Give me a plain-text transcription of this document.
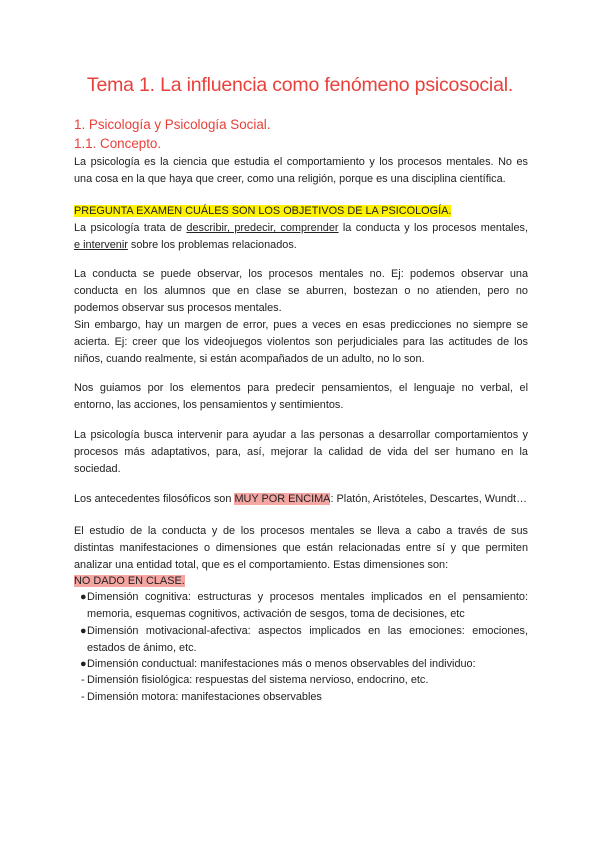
Tema 1. La influencia como fenómeno psicosocial.
1. Psicología y Psicología Social.
1.1. Concepto.
La psicología es la ciencia que estudia el comportamiento y los procesos mentales. No es
una cosa en la que haya que creer, como una religión, porque es una disciplina científica.
PREGUNTA EXAMEN CUÁLES SON LOS OBJETIVOS DE LA PSICOLOGÍA.
La psicología trata de describir, predecir, comprender la conducta y los procesos mentales,
e intervenir sobre los problemas relacionados.
La conducta se puede observar, los procesos mentales no. Ej: podemos observar una
conducta en los alumnos que en clase se aburren, bostezan o no atienden, pero no
podemos observar sus procesos mentales.
Sin embargo, hay un margen de error, pues a veces en esas predicciones no siempre se
acierta. Ej: creer que los videojuegos violentos son perjudiciales para las actitudes de los
niños, cuando realmente, si están acompañados de un adulto, no lo son.
Nos guiamos por los elementos para predecir pensamientos, el lenguaje no verbal, el
entorno, las acciones, los pensamientos y sentimientos.
La psicología busca intervenir para ayudar a las personas a desarrollar comportamientos y
procesos más adaptativos, para, así, mejorar la calidad de vida del ser humano en la
sociedad.
Los antecedentes filosóficos son MUY POR ENCIMA: Platón, Aristóteles, Descartes, Wundt…
El estudio de la conducta y de los procesos mentales se lleva a cabo a través de sus
distintas manifestaciones o dimensiones que están relacionadas entre sí y que permiten
analizar una entidad total, que es el comportamiento. Estas dimensiones son:
NO DADO EN CLASE.
● Dimensión cognitiva: estructuras y procesos mentales implicados en el pensamiento:
memoria, esquemas cognitivos, activación de sesgos, toma de decisiones, etc
● Dimensión motivacional-afectiva: aspectos implicados en las emociones: emociones,
estados de ánimo, etc.
● Dimensión conductual: manifestaciones más o menos observables del individuo:
- Dimensión fisiológica: respuestas del sistema nervioso, endocrino, etc.
- Dimensión motora: manifestaciones observables
